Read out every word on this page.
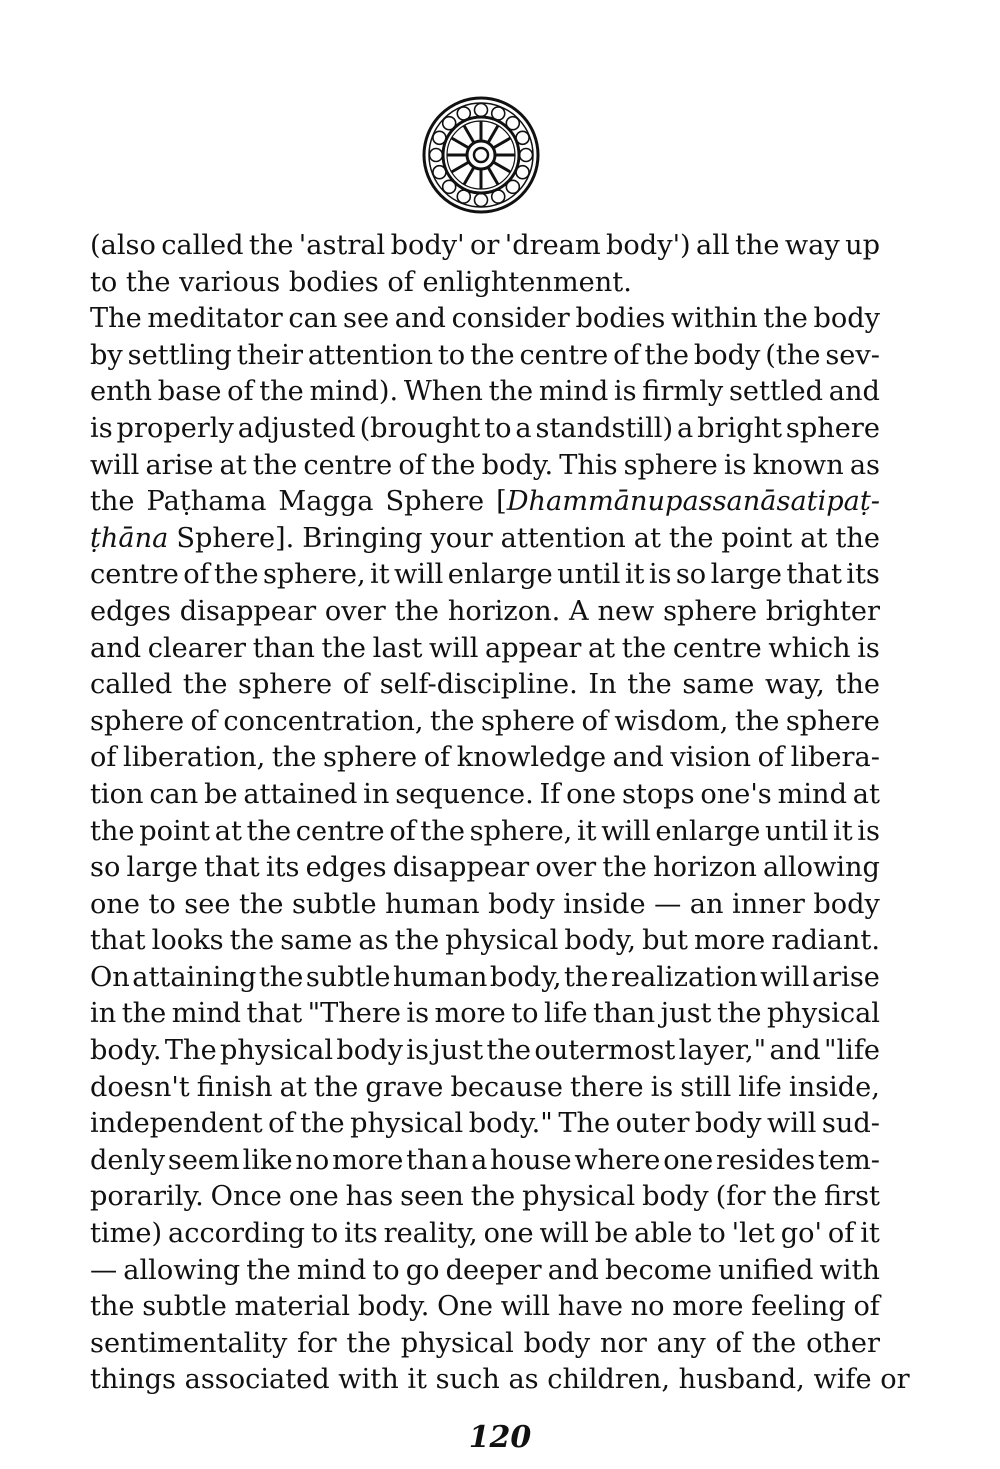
(also called the 'astral body' or 'dream body') all the way up
to the various bodies of enlightenment.
The meditator can see and consider bodies within the body
by settling their attention to the centre of the body (the sev-
enth base of the mind). When the mind is firmly settled and
is properly adjusted (brought to a standstill) a bright sphere
will arise at the centre of the body. This sphere is known as
the Paṭhama Magga Sphere [Dhammānupassanāsatipaṭ-
ṭhāna Sphere]. Bringing your attention at the point at the
centre of the sphere, it will enlarge until it is so large that its
edges disappear over the horizon. A new sphere brighter
and clearer than the last will appear at the centre which is
called the sphere of self-discipline. In the same way, the
sphere of concentration, the sphere of wisdom, the sphere
of liberation, the sphere of knowledge and vision of libera-
tion can be attained in sequence. If one stops one's mind at
the point at the centre of the sphere, it will enlarge until it is
so large that its edges disappear over the horizon allowing
one to see the subtle human body inside — an inner body
that looks the same as the physical body, but more radiant.
On attaining the subtle human body, the realization will arise
in the mind that "There is more to life than just the physical
body. The physical body is just the outermost layer," and "life
doesn't finish at the grave because there is still life inside,
independent of the physical body." The outer body will sud-
denly seem like no more than a house where one resides tem-
porarily. Once one has seen the physical body (for the first
time) according to its reality, one will be able to 'let go' of it
— allowing the mind to go deeper and become unified with
the subtle material body. One will have no more feeling of
sentimentality for the physical body nor any of the other
things associated with it such as children, husband, wife or
120
